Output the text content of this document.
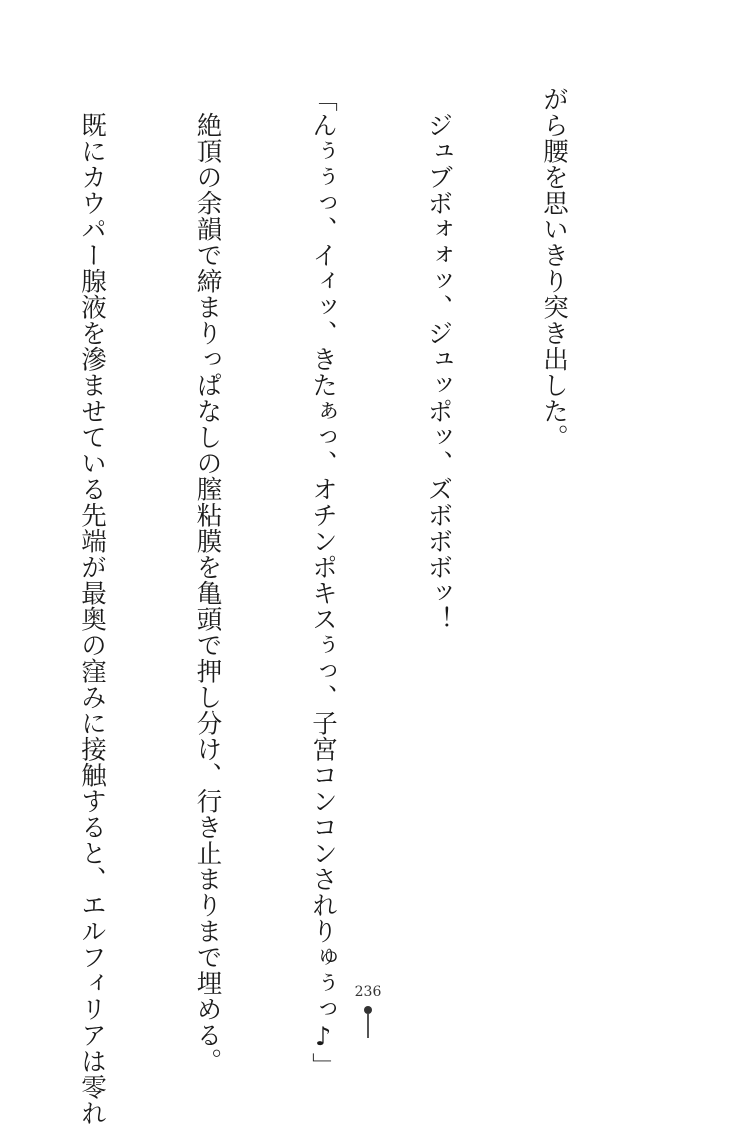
がら腰を思いきり突き出した。

　ジュブボォォッ、ジュッポッ、ズボボボッ！

「んぅぅっ、イィッ、きたぁっ、オチンポキスぅっ、子宮コンコンされりゅぅっ♪」

　絶頂の余韻で締まりっぱなしの膣粘膜を亀頭で押し分け、行き止まりまで埋める。

　既にカウパー腺液を滲ませている先端が最奥の窪みに接触すると、エルフィリアは零れ

	236
